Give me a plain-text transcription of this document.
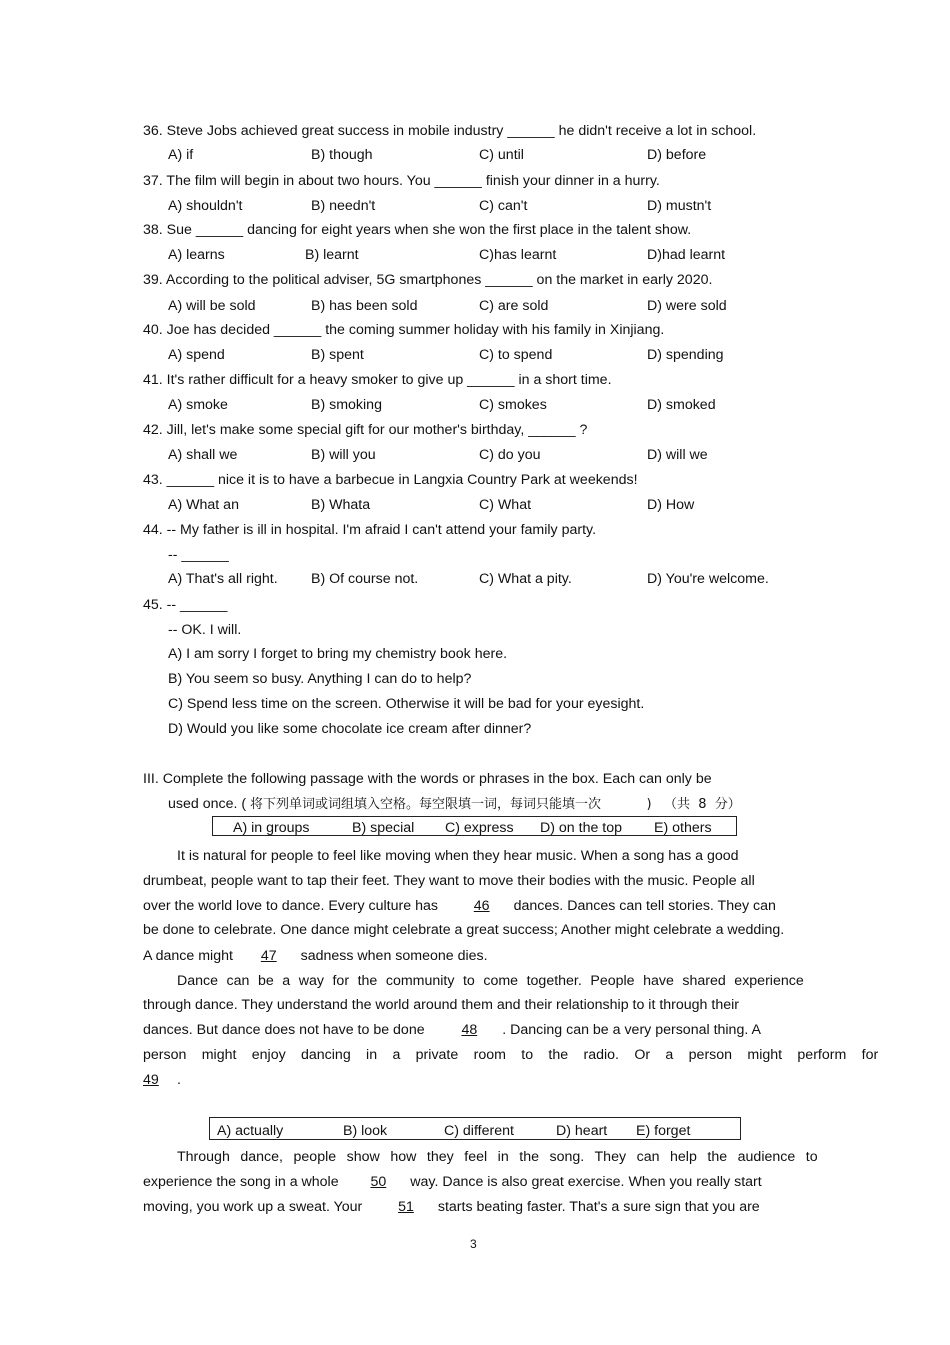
36. Steve Jobs achieved great success in mobile industry ______ he didn't receive a lot in school.
A) if	B) though	C) until	D) before
37. The film will begin in about two hours. You ______ finish your dinner in a hurry.
A) shouldn't	B) needn't	C) can't	D) mustn't
38. Sue ______ dancing for eight years when she won the first place in the talent show.
A) learns	B) learnt	C)has learnt	D)had learnt
39. According to the political adviser, 5G smartphones ______ on the market in early 2020.
A) will be sold	B) has been sold	C) are sold	D) were sold
40. Joe has decided ______ the coming summer holiday with his family in Xinjiang.
A) spend	B) spent	C) to spend	D) spending
41. It's rather difficult for a heavy smoker to give up ______ in a short time.
A) smoke	B) smoking	C) smokes	D) smoked
42. Jill, let's make some special gift for our mother's birthday, ______ ?
A) shall we	B) will you	C) do you	D) will we
43. ______ nice it is to have a barbecue in Langxia Country Park at weekends!
A) What an	B) Whata	C) What	D) How
44. -- My father is ill in hospital. I'm afraid I can't attend your family party.
-- ______
A) That's all right. B) Of course not.	C) What a pity.	D) You're welcome.
45. -- ______
-- OK. I will.
A) I am sorry I forget to bring my chemistry book here.
B) You seem so busy. Anything I can do to help?
C) Spend less time on the screen. Otherwise it will be bad for your eyesight.
D) Would you like some chocolate ice cream after dinner?
III. Complete the following passage with the words or phrases in the box. Each can only be
used once. ( 将下列单词或词组填入空格。每空限填一词，每词只能填一次           )   （共  8  分）
A) in groups	B) special C) express D) on the top E) others
It is natural for people to feel like moving when they hear music. When a song has a good
drumbeat, people want to tap their feet. They want to move their bodies with the music. People all
over the world love to dance. Every culture has	46 dances. Dances can tell stories. They can
be done to celebrate. One dance might celebrate a great success; Another might celebrate a wedding.
A dance might 47 sadness when someone dies.
Dance can be a way for the community to come together. People have shared experience
through dance. They understand the world around them and their relationship to it through their
dances. But dance does not have to be done	48 . Dancing can be a very personal thing. A
person might enjoy dancing in a private room to the radio. Or a person might perform for
49 .
A) actually	B) look	C) different	D) heart E) forget
Through dance, people show how they feel in the song. They can help the audience to
experience the song in a whole 50 way. Dance is also great exercise. When you really start
moving, you work up a sweat. Your	51 starts beating faster. That's a sure sign that you are
3
